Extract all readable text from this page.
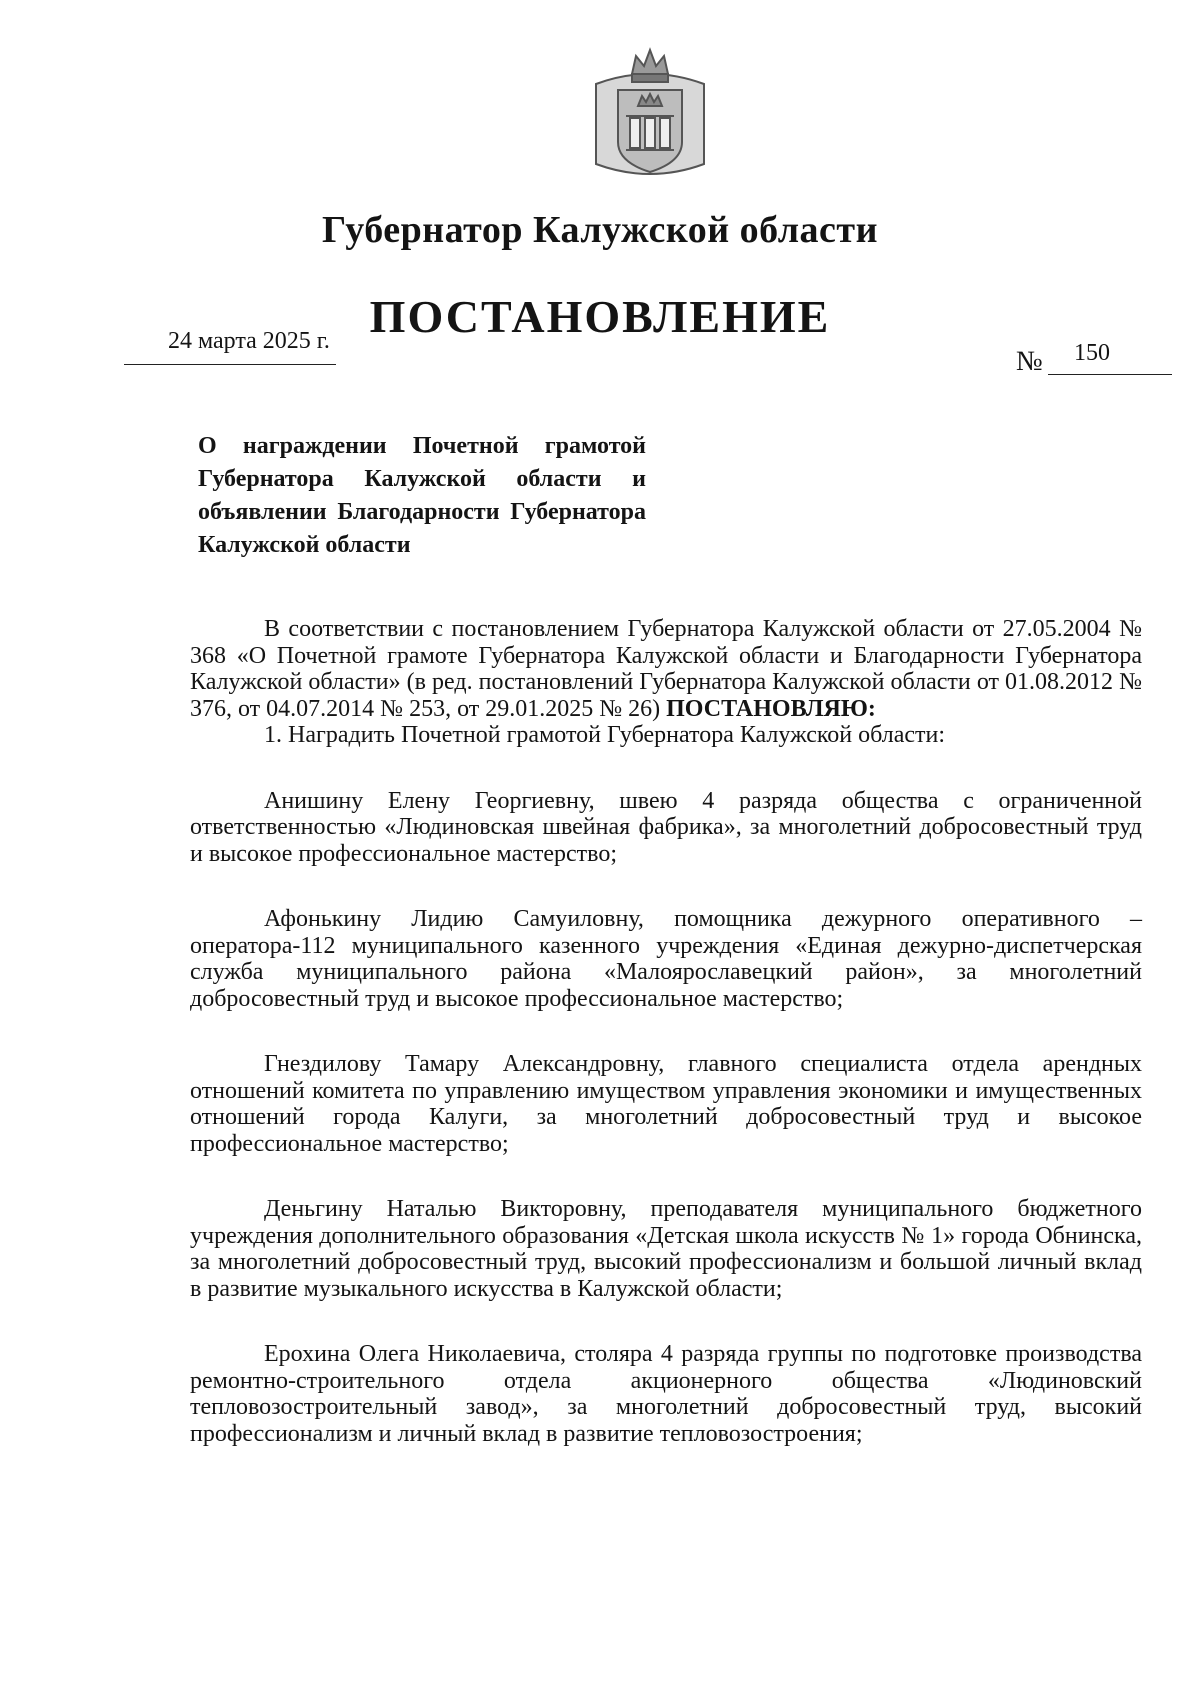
Губернатор Калужской области
ПОСТАНОВЛЕНИЕ
24 марта 2025 г.
№ 150
О награждении Почетной грамотой Губернатора Калужской области и объявлении Благодарности Губернатора Калужской области

В соответствии с постановлением Губернатора Калужской области от 27.05.2004 № 368 «О Почетной грамоте Губернатора Калужской области и Благодарности Губернатора Калужской области» (в ред. постановлений Губернатора Калужской области от 01.08.2012 № 376, от 04.07.2014 № 253, от 29.01.2025 № 26) ПОСТАНОВЛЯЮ:

1. Наградить Почетной грамотой Губернатора Калужской области:

Анишину Елену Георгиевну, швею 4 разряда общества с ограниченной ответственностью «Людиновская швейная фабрика», за многолетний добросовестный труд и высокое профессиональное мастерство;

Афонькину Лидию Самуиловну, помощника дежурного оперативного – оператора-112 муниципального казенного учреждения «Единая дежурно-диспетчерская служба муниципального района «Малоярославецкий район», за многолетний добросовестный труд и высокое профессиональное мастерство;

Гнездилову Тамару Александровну, главного специалиста отдела арендных отношений комитета по управлению имуществом управления экономики и имущественных отношений города Калуги, за многолетний добросовестный труд и высокое профессиональное мастерство;

Деньгину Наталью Викторовну, преподавателя муниципального бюджетного учреждения дополнительного образования «Детская школа искусств № 1» города Обнинска, за многолетний добросовестный труд, высокий профессионализм и большой личный вклад в развитие музыкального искусства в Калужской области;

Ерохина Олега Николаевича, столяра 4 разряда группы по подготовке производства ремонтно-строительного отдела акционерного общества «Людиновский тепловозостроительный завод», за многолетний добросовестный труд, высокий профессионализм и личный вклад в развитие тепловозостроения;
